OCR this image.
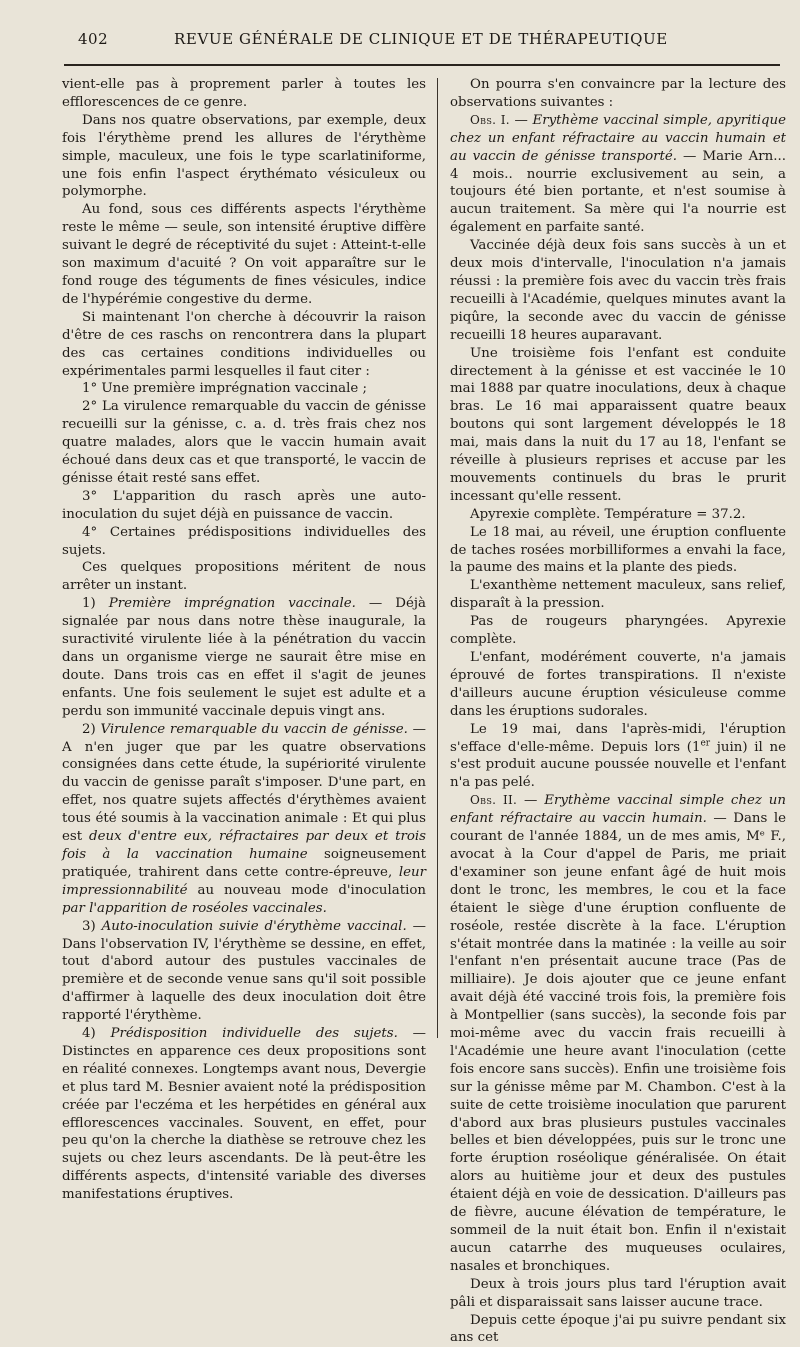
402	REVUE GÉNÉRALE DE CLINIQUE ET DE THÉRAPEUTIQUE

vient-elle pas à proprement parler à toutes les efflorescences de ce genre.

Dans nos quatre observations, par exemple, deux fois l'érythème prend les allures de l'érythème simple, maculeux, une fois le type scarlatiniforme, une fois enfin l'aspect érythémato vésiculeux ou polymorphe.

Au fond, sous ces différents aspects l'érythème reste le même — seule, son intensité éruptive diffère suivant le degré de réceptivité du sujet : Atteint-t-elle son maximum d'acuité ? On voit apparaître sur le fond rouge des téguments de fines vésicules, indice de l'hypérémie congestive du derme.

Si maintenant l'on cherche à découvrir la raison d'être de ces raschs on rencontrera dans la plupart des cas certaines conditions individuelles ou expérimentales parmi lesquelles il faut citer :

1° Une première imprégnation vaccinale ;

2° La virulence remarquable du vaccin de génisse recueilli sur la génisse, c. a. d. très frais chez nos quatre malades, alors que le vaccin humain avait échoué dans deux cas et que transporté, le vaccin de génisse était resté sans effet.

3° L'apparition du rasch après une auto-inoculation du sujet déjà en puissance de vaccin.

4° Certaines prédispositions individuelles des sujets.

Ces quelques propositions méritent de nous arrêter un instant.

1) Première imprégnation vaccinale. — Déjà signalée par nous dans notre thèse inaugurale, la suractivité virulente liée à la pénétration du vaccin dans un organisme vierge ne saurait être mise en doute. Dans trois cas en effet il s'agit de jeunes enfants. Une fois seulement le sujet est adulte et a perdu son immunité vaccinale depuis vingt ans.

2) Virulence remarquable du vaccin de génisse. — A n'en juger que par les quatre observations consignées dans cette étude, la supériorité virulente du vaccin de genisse paraît s'imposer. D'une part, en effet, nos quatre sujets affectés d'érythèmes avaient tous été soumis à la vaccination animale : Et qui plus est deux d'entre eux, réfractaires par deux et trois fois à la vaccination humaine soigneusement pratiquée, trahirent dans cette contre-épreuve, leur impressionnabilité au nouveau mode d'inoculation par l'apparition de roséoles vaccinales.

3) Auto-inoculation suivie d'érythème vaccinal. — Dans l'observation IV, l'érythème se dessine, en effet, tout d'abord autour des pustules vaccinales de première et de seconde venue sans qu'il soit possible d'affirmer à laquelle des deux inoculation doit être rapporté l'érythème.

4) Prédisposition individuelle des sujets. — Distinctes en apparence ces deux propositions sont en réalité connexes. Longtemps avant nous, Devergie et plus tard M. Besnier avaient noté la prédisposition créée par l'eczéma et les herpétides en général aux efflorescences vaccinales. Souvent, en effet, pour peu qu'on la cherche la diathèse se retrouve chez les sujets ou chez leurs ascendants. De là peut-être les différents aspects, d'intensité variable des diverses manifestations éruptives.

On pourra s'en convaincre par la lecture des observations suivantes :

Obs. I. — Erythème vaccinal simple, apyritique chez un enfant réfractaire au vaccin humain et au vaccin de génisse transporté. — Marie Arn... 4 mois.. nourrie exclusivement au sein, a toujours été bien portante, et n'est soumise à aucun traitement. Sa mère qui l'a nourrie est également en parfaite santé.

Vaccinée déjà deux fois sans succès à un et deux mois d'intervalle, l'inoculation n'a jamais réussi : la première fois avec du vaccin très frais recueilli à l'Académie, quelques minutes avant la piqûre, la seconde avec du vaccin de génisse recueilli 18 heures auparavant.

Une troisième fois l'enfant est conduite directement à la génisse et est vaccinée le 10 mai 1888 par quatre inoculations, deux à chaque bras. Le 16 mai apparaissent quatre beaux boutons qui sont largement développés le 18 mai, mais dans la nuit du 17 au 18, l'enfant se réveille à plusieurs reprises et accuse par les mouvements continuels du bras le prurit incessant qu'elle ressent.

Apyrexie complète. Température = 37.2.

Le 18 mai, au réveil, une éruption confluente de taches rosées morbilliformes a envahi la face, la paume des mains et la plante des pieds.

L'exanthème nettement maculeux, sans relief, disparaît à la pression.

Pas de rougeurs pharyngées. Apyrexie complète.

L'enfant, modérément couverte, n'a jamais éprouvé de fortes transpirations. Il n'existe d'ailleurs aucune éruption vésiculeuse comme dans les éruptions sudorales.

Le 19 mai, dans l'après-midi, l'éruption s'efface d'elle-même. Depuis lors (1er juin) il ne s'est produit aucune poussée nouvelle et l'enfant n'a pas pelé.

Obs. II. — Erythème vaccinal simple chez un enfant réfractaire au vaccin humain. — Dans le courant de l'année 1884, un de mes amis, Mᵉ F., avocat à la Cour d'appel de Paris, me priait d'examiner son jeune enfant âgé de huit mois dont le tronc, les membres, le cou et la face étaient le siège d'une éruption confluente de roséole, restée discrète à la face. L'éruption s'était montrée dans la matinée : la veille au soir l'enfant n'en présentait aucune trace (Pas de milliaire). Je dois ajouter que ce jeune enfant avait déjà été vacciné trois fois, la première fois à Montpellier (sans succès), la seconde fois par moi-même avec du vaccin frais recueilli à l'Académie une heure avant l'inoculation (cette fois encore sans succès). Enfin une troisième fois sur la génisse même par M. Chambon. C'est à la suite de cette troisième inoculation que parurent d'abord aux bras plusieurs pustules vaccinales belles et bien développées, puis sur le tronc une forte éruption roséolique généralisée. On était alors au huitième jour et deux des pustules étaient déjà en voie de dessication. D'ailleurs pas de fièvre, aucune élévation de température, le sommeil de la nuit était bon. Enfin il n'existait aucun catarrhe des muqueuses oculaires, nasales et bronchiques.

Deux à trois jours plus tard l'éruption avait pâli et disparaissait sans laisser aucune trace.

Depuis cette époque j'ai pu suivre pendant six ans cet
